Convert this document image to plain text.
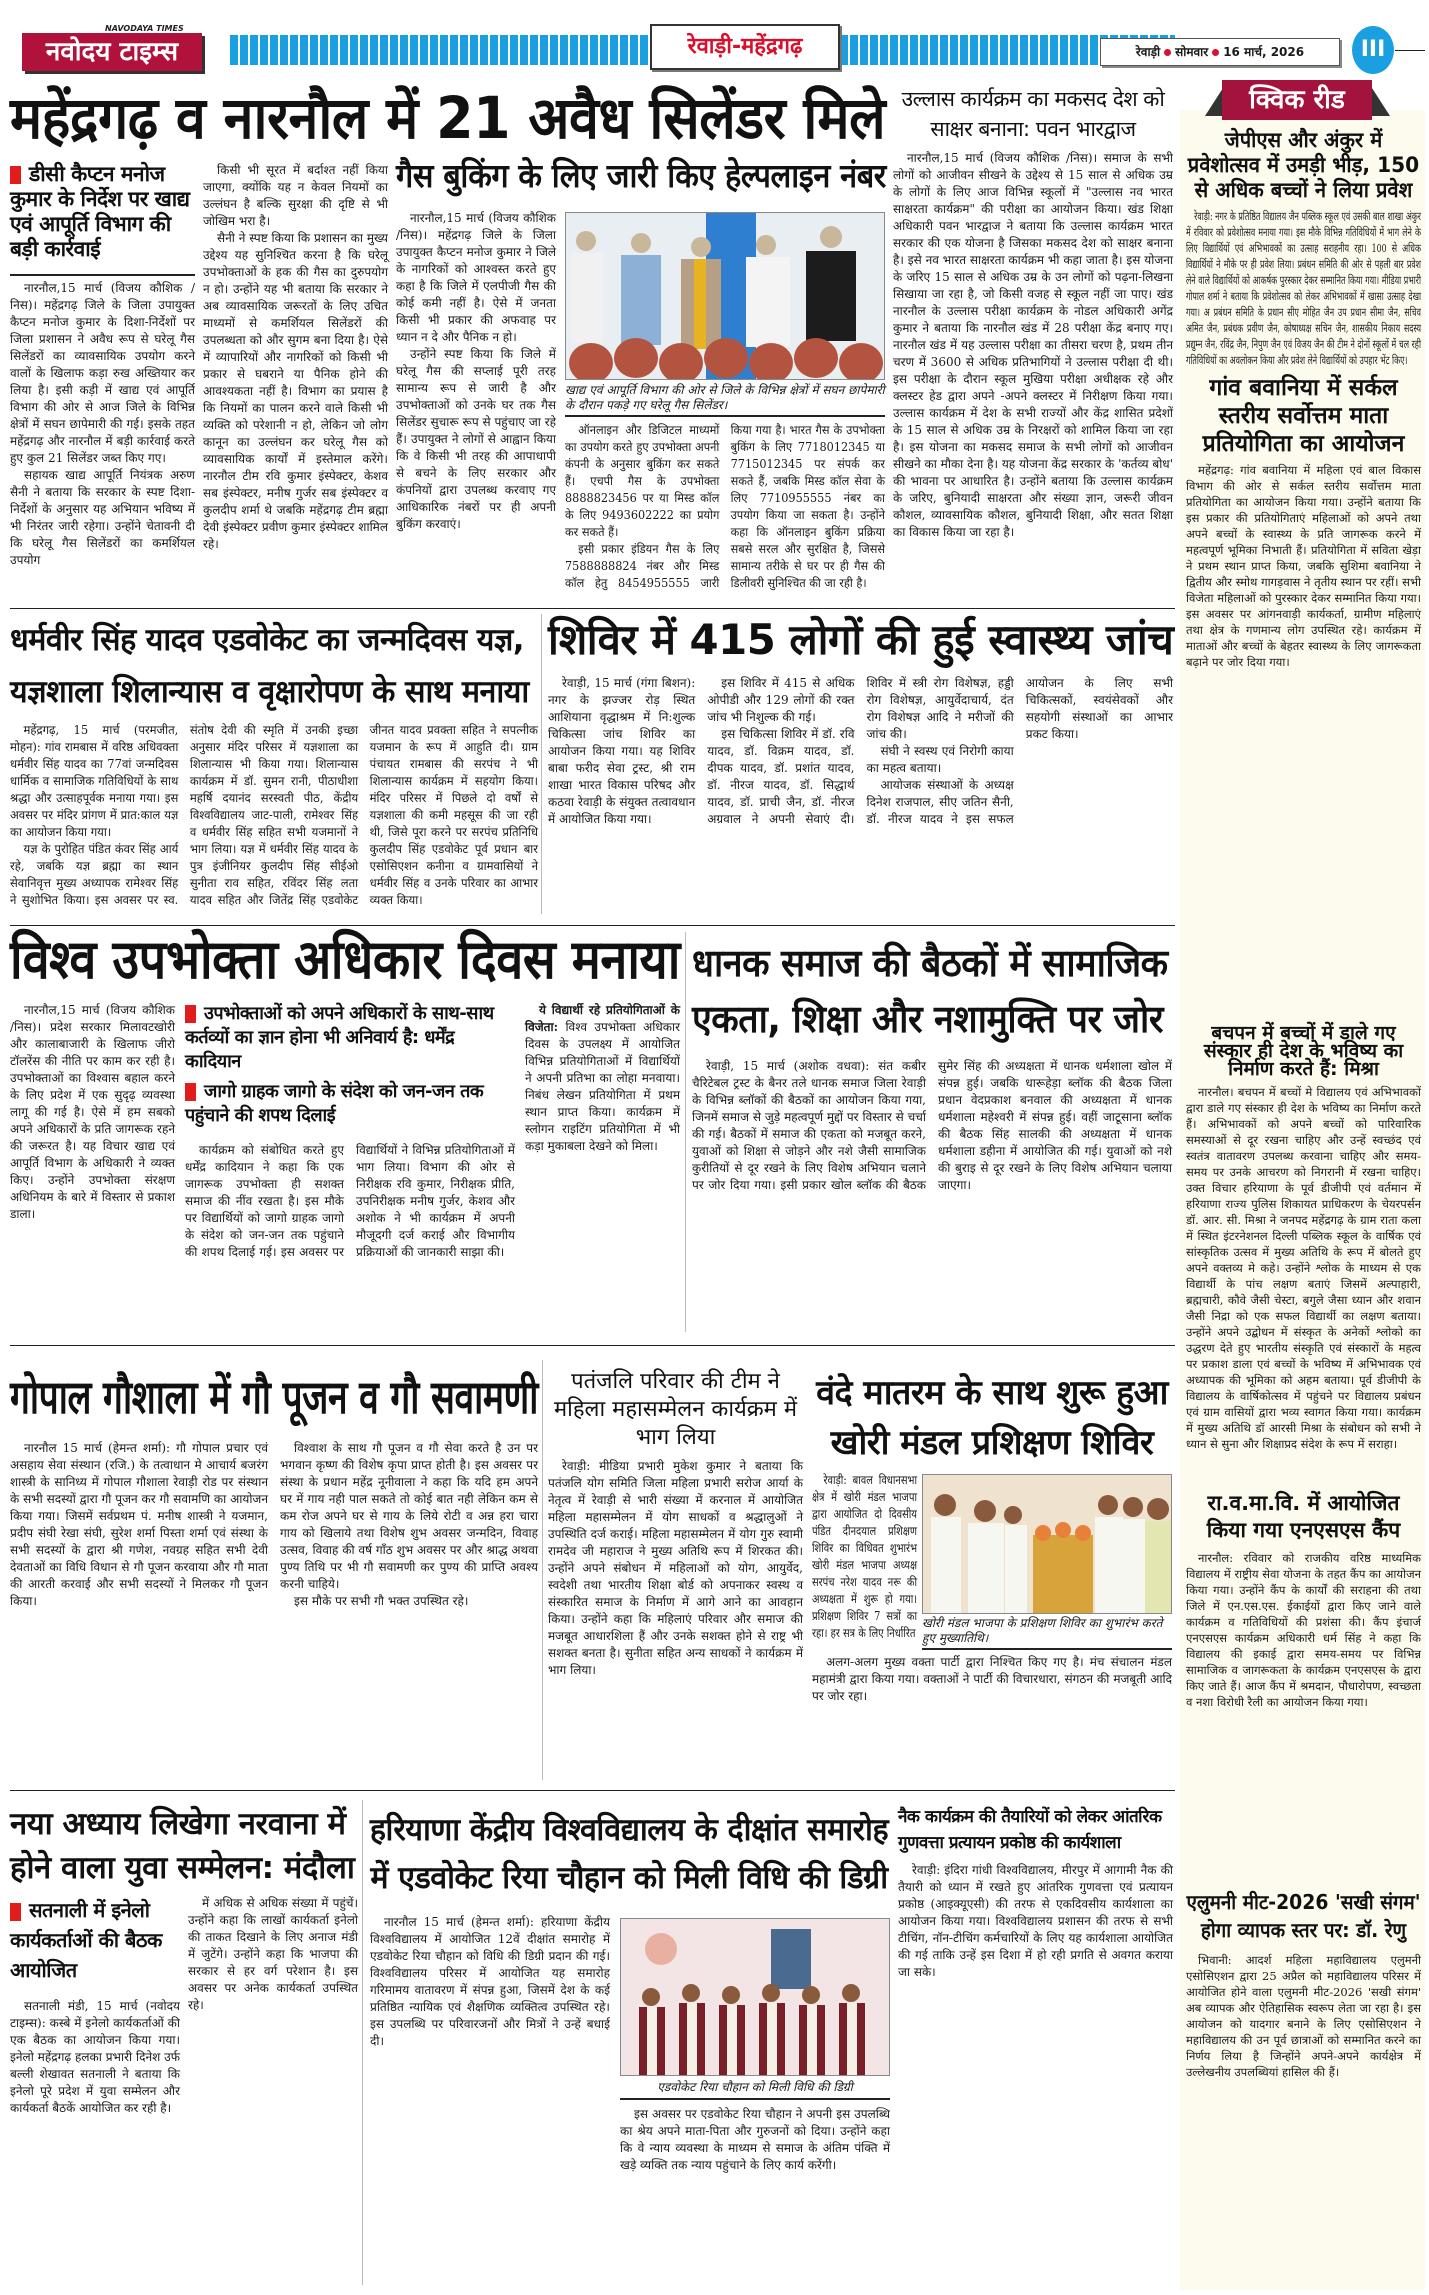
NAVODAYA TIMES
नवोदय टाइम्स	रेवाड़ी-महेंद्रगढ़	रेवाड़ी सोमवार 16 मार्च, 2026	III
महेंद्रगढ़ व नारनौल में 21 अवैध सिलेंडर मिले
डीसी कैप्टन मनोज कुमार के निर्देश पर खाद्य एवं आपूर्ति विभाग की बड़ी कार्रवाई

नारनौल,15 मार्च (विजय कौशिक /निस)। महेंद्रगढ़ जिले के जिला उपायुक्त कैप्टन मनोज कुमार के दिशा-निर्देशों पर जिला प्रशासन ने अवैध रूप से घरेलू गैस सिलेंडरों का व्यावसायिक उपयोग करने वालों के खिलाफ कड़ा रुख अख्तियार कर लिया है। इसी कड़ी में खाद्य एवं आपूर्ति विभाग की ओर से आज जिले के विभिन्न क्षेत्रों में सघन छापेमारी की गई। इसके तहत महेंद्रगढ़ और नारनौल में बड़ी कार्रवाई करते हुए कुल 21 सिलेंडर जब्त किए गए।

सहायक खाद्य आपूर्ति नियंत्रक अरुण सैनी ने बताया कि सरकार के स्पष्ट दिशा-निर्देशों के अनुसार यह अभियान भविष्य में भी निरंतर जारी रहेगा। उन्होंने चेतावनी दी कि घरेलू गैस सिलेंडरों का कमर्शियल उपयोग

किसी भी सूरत में बर्दाश्त नहीं किया जाएगा, क्योंकि यह न केवल नियमों का उल्लंघन है बल्कि सुरक्षा की दृष्टि से भी जोखिम भरा है।

सैनी ने स्पष्ट किया कि प्रशासन का मुख्य उद्देश्य यह सुनिश्चित करना है कि घरेलू उपभोक्ताओं के हक की गैस का दुरुपयोग न हो। उन्होंने यह भी बताया कि सरकार ने अब व्यावसायिक जरूरतों के लिए उचित माध्यमों से कमर्शियल सिलेंडरों की उपलब्धता को और सुगम बना दिया है। ऐसे में व्यापारियों और नागरिकों को किसी भी प्रकार से घबराने या पैनिक होने की आवश्यकता नहीं है। विभाग का प्रयास है कि नियमों का पालन करने वाले किसी भी व्यक्ति को परेशानी न हो, लेकिन जो लोग कानून का उल्लंघन कर घरेलू गैस को व्यावसायिक कार्यों में इस्तेमाल करेंगे। नारनौल टीम रवि कुमार इंस्पेक्टर, केशव सब इंस्पेक्टर, मनीष गुर्जर सब इंस्पेक्टर व कुलदीप शर्मा थे जबकि महेंद्रगढ़ टीम ब्रह्मा देवी इंस्पेक्टर प्रवीण कुमार इंस्पेक्टर शामिल रहे।

गैस बुकिंग के लिए जारी किए हेल्पलाइन नंबर

नारनौल,15 मार्च (विजय कौशिक /निस)। महेंद्रगढ़ जिले के जिला उपायुक्त कैप्टन मनोज कुमार ने जिले के नागरिकों को आश्वस्त करते हुए कहा है कि जिले में एलपीजी गैस की कोई कमी नहीं है। ऐसे में जनता किसी भी प्रकार की अफवाह पर ध्यान न दे और पैनिक न हो।

उन्होंने स्पष्ट किया कि जिले में घरेलू गैस की सप्लाई पूरी तरह सामान्य रूप से जारी है और उपभोक्ताओं को उनके घर तक गैस सिलेंडर सुचारू रूप से पहुंचाए जा रहे हैं। उपायुक्त ने लोगों से आह्वान किया कि वे किसी भी तरह की आपाधापी से बचने के लिए सरकार और कंपनियों द्वारा उपलब्ध करवाए गए आधिकारिक नंबरों पर ही अपनी बुकिंग करवाएं।

खाद्य एवं आपूर्ति विभाग की ओर से जिले के विभिन्न क्षेत्रों में सघन छापेमारी के दौरान पकड़े गए घरेलू गैस सिलेंडर।

ऑनलाइन और डिजिटल माध्यमों का उपयोग करते हुए उपभोक्ता अपनी कंपनी के अनुसार बुकिंग कर सकते हैं। एचपी गैस के उपभोक्ता 8888823456 पर या मिस्ड कॉल के लिए 9493602222 का प्रयोग कर सकते हैं।

इसी प्रकार इंडियन गैस के लिए 7588888824 नंबर और मिस्ड कॉल हेतु 8454955555 जारी किया गया है। भारत गैस के उपभोक्ता बुकिंग के लिए 7718012345 या 7715012345 पर संपर्क कर सकते हैं, जबकि मिस्ड कॉल सेवा के लिए 7710955555 नंबर का उपयोग किया जा सकता है। उन्होंने कहा कि ऑनलाइन बुकिंग प्रक्रिया सबसे सरल और सुरक्षित है, जिससे सामान्य तरीके से घर पर ही गैस की डिलीवरी सुनिश्चित की जा रही है।

उल्लास कार्यक्रम का मकसद देश को साक्षर बनाना: पवन भारद्वाज

नारनौल,15 मार्च (विजय कौशिक /निस)। समाज के सभी लोगों को आजीवन सीखने के उद्देश्य से 15 साल से अधिक उम्र के लोगों के लिए आज विभिन्न स्कूलों में "उल्लास नव भारत साक्षरता कार्यक्रम" की परीक्षा का आयोजन किया। खंड शिक्षा अधिकारी पवन भारद्वाज ने बताया कि उल्लास कार्यक्रम भारत सरकार की एक योजना है जिसका मकसद देश को साक्षर बनाना है। इसे नव भारत साक्षरता कार्यक्रम भी कहा जाता है। इस योजना के जरिए 15 साल से अधिक उम्र के उन लोगों को पढ़ना-लिखना सिखाया जा रहा है, जो किसी वजह से स्कूल नहीं जा पाए। खंड नारनौल के उल्लास परीक्षा कार्यक्रम के नोडल अधिकारी अगेंद्र कुमार ने बताया कि नारनौल खंड में 28 परीक्षा केंद्र बनाए गए। नारनौल खंड में यह उल्लास परीक्षा का तीसरा चरण है, प्रथम तीन चरण में 3600 से अधिक प्रतिभागियों ने उल्लास परीक्षा दी थी। इस परीक्षा के दौरान स्कूल मुखिया परीक्षा अधीक्षक रहे और क्लस्टर हेड द्वारा अपने -अपने क्लस्टर में निरीक्षण किया गया। उल्लास कार्यक्रम में देश के सभी राज्यों और केंद्र शासित प्रदेशों के 15 साल से अधिक उम्र के निरक्षरों को शामिल किया जा रहा है। इस योजना का मकसद समाज के सभी लोगों को आजीवन सीखने का मौका देना है। यह योजना केंद्र सरकार के 'कर्तव्य बोध' की भावना पर आधारित है। उन्होंने बताया कि उल्लास कार्यक्रम के जरिए, बुनियादी साक्षरता और संख्या ज्ञान, जरूरी जीवन कौशल, व्यावसायिक कौशल, बुनियादी शिक्षा, और सतत शिक्षा का विकास किया जा रहा है।

धर्मवीर सिंह यादव एडवोकेट का जन्मदिवस यज्ञ, यज्ञशाला शिलान्यास व वृक्षारोपण के साथ मनाया

महेंद्रगढ़, 15 मार्च (परमजीत, मोहन): गांव रामबास में वरिष्ठ अधिवक्ता धर्मवीर सिंह यादव का 77वां जन्मदिवस धार्मिक व सामाजिक गतिविधियों के साथ श्रद्धा और उत्साहपूर्वक मनाया गया। इस अवसर पर मंदिर प्रांगण में प्रात:काल यज्ञ का आयोजन किया गया।

यज्ञ के पुरोहित पंडित कंवर सिंह आर्य रहे, जबकि यज्ञ ब्रह्मा का स्थान सेवानिवृत्त मुख्य अध्यापक रामेश्वर सिंह ने सुशोभित किया। इस अवसर पर स्व. संतोष देवी की स्मृति में उनकी इच्छा अनुसार मंदिर परिसर में यज्ञशाला का शिलान्यास भी किया गया। शिलान्यास कार्यक्रम में डॉ. सुमन रानी, पीठाधीशा महर्षि दयानंद सरस्वती पीठ, केंद्रीय विश्वविद्यालय जाट-पाली, रामेश्वर सिंह व धर्मवीर सिंह सहित सभी यजमानों ने भाग लिया। यज्ञ में धर्मवीर सिंह यादव के पुत्र इंजीनियर कुलदीप सिंह सीईओ सुनीता राव सहित, रविंदर सिंह लता यादव सहित और जितेंद्र सिंह एडवोकेट जीनत यादव प्रवक्ता सहित ने सपत्नीक यजमान के रूप में आहुति दी। ग्राम पंचायत रामबास की सरपंच ने भी शिलान्यास कार्यक्रम में सहयोग किया। मंदिर परिसर में पिछले दो वर्षों से यज्ञशाला की कमी महसूस की जा रही थी, जिसे पूरा करने पर सरपंच प्रतिनिधि कुलदीप सिंह एडवोकेट पूर्व प्रधान बार एसोसिएशन कनीना व ग्रामवासियों ने धर्मवीर सिंह व उनके परिवार का आभार व्यक्त किया।

शिविर में 415 लोगों की हुई स्वास्थ्य जांच

रेवाड़ी, 15 मार्च (गंगा बिशन): नगर के झज्जर रोड़ स्थित आशियाना वृद्धाश्रम में नि:शुल्क चिकित्सा जांच शिविर का आयोजन किया गया। यह शिविर बाबा फरीद सेवा ट्रस्ट, श्री राम शाखा भारत विकास परिषद और कठवा रेवाड़ी के संयुक्त तत्वावधान में आयोजित किया गया।

इस शिविर में 415 से अधिक ओपीडी और 129 लोगों की रक्त जांच भी निशुल्क की गई।

इस चिकित्सा शिविर में डॉ. रवि यादव, डॉ. विक्रम यादव, डॉ. दीपक यादव, डॉ. प्रशांत यादव, डॉ. नीरज यादव, डॉ. सिद्धार्थ यादव, डॉ. प्राची जैन, डॉ. नीरज अग्रवाल ने अपनी सेवाएं दी। शिविर में स्त्री रोग विशेषज्ञ, हड्डी रोग विशेषज्ञ, आयुर्वेदाचार्य, दंत रोग विशेषज्ञ आदि ने मरीजों की जांच की।

संघी ने स्वस्थ एवं निरोगी काया का महत्व बताया।

आयोजक संस्थाओं के अध्यक्ष दिनेश राजपाल, सीए जतिन सैनी, डॉ. नीरज यादव ने इस सफल आयोजन के लिए सभी चिकित्सकों, स्वयंसेवकों और सहयोगी संस्थाओं का आभार प्रकट किया।

विश्व उपभोक्ता अधिकार दिवस मनाया

नारनौल,15 मार्च (विजय कौशिक /निस)। प्रदेश सरकार मिलावटखोरी और कालाबाजारी के खिलाफ जीरो टॉलरेंस की नीति पर काम कर रही है। उपभोक्ताओं का विश्वास बहाल करने के लिए प्रदेश में एक सुदृढ़ व्यवस्था लागू की गई है। ऐसे में हम सबको अपने अधिकारों के प्रति जागरूक रहने की जरूरत है। यह विचार खाद्य एवं आपूर्ति विभाग के अधिकारी ने व्यक्त किए। उन्होंने उपभोक्ता संरक्षण अधिनियम के बारे में विस्तार से प्रकाश डाला।

उपभोक्ताओं को अपने अधिकारों के साथ-साथ कर्तव्यों का ज्ञान होना भी अनिवार्य है: धर्मेंद्र कादियान
जागो ग्राहक जागो के संदेश को जन-जन तक पहुंचाने की शपथ दिलाई

कार्यक्रम को संबोधित करते हुए धर्मेंद्र कादियान ने कहा कि एक जागरूक उपभोक्ता ही सशक्त समाज की नींव रखता है। इस मौके पर विद्यार्थियों को जागो ग्राहक जागो के संदेश को जन-जन तक पहुंचाने की शपथ दिलाई गई। इस अवसर पर विद्यार्थियों ने विभिन्न प्रतियोगिताओं में भाग लिया। विभाग की ओर से निरीक्षक रवि कुमार, निरीक्षक प्रीति, उपनिरीक्षक मनीष गुर्जर, केशव और अशोक ने भी कार्यक्रम में अपनी मौजूदगी दर्ज कराई और विभागीय प्रक्रियाओं की जानकारी साझा की।

ये विद्यार्थी रहे प्रतियोगिताओं के विजेता: विश्व उपभोक्ता अधिकार दिवस के उपलक्ष्य में आयोजित विभिन्न प्रतियोगिताओं में विद्यार्थियों ने अपनी प्रतिभा का लोहा मनवाया। निबंध लेखन प्रतियोगिता में प्रथम स्थान प्राप्त किया। कार्यक्रम में स्लोगन राइटिंग प्रतियोगिता में भी कड़ा मुकाबला देखने को मिला।

धानक समाज की बैठकों में सामाजिक एकता, शिक्षा और नशामुक्ति पर जोर

रेवाड़ी, 15 मार्च (अशोक वधवा): संत कबीर चैरिटेबल ट्रस्ट के बैनर तले धानक समाज जिला रेवाड़ी के विभिन्न ब्लॉकों की बैठकों का आयोजन किया गया, जिनमें समाज से जुड़े महत्वपूर्ण मुद्दों पर विस्तार से चर्चा की गई। बैठकों में समाज की एकता को मजबूत करने, युवाओं को शिक्षा से जोड़ने और नशे जैसी सामाजिक कुरीतियों से दूर रखने के लिए विशेष अभियान चलाने पर जोर दिया गया। इसी प्रकार खोल ब्लॉक की बैठक सुमेर सिंह की अध्यक्षता में धानक धर्मशाला खोल में संपन्न हुई। जबकि धारूहेड़ा ब्लॉक की बैठक जिला प्रधान वेदप्रकाश बनवाल की अध्यक्षता में धानक धर्मशाला महेश्वरी में संपन्न हुई। वहीं जाटूसाना ब्लॉक की बैठक सिंह सालकी की अध्यक्षता में धानक धर्मशाला डहीना में आयोजित की गई। युवाओं को नशे की बुराइ से दूर रखने के लिए विशेष अभियान चलाया जाएगा।

गोपाल गौशाला में गौ पूजन व गौ सवामणी

नारनौल 15 मार्च (हेमन्त शर्मा): गौ गोपाल प्रचार एवं असहाय सेवा संस्थान (रजि.) के तत्वाधान मे आचार्य बजरंग शास्त्री के सानिध्य में गोपाल गौशाला रेवाड़ी रोड पर संस्थान के सभी सदस्यों द्वारा गौ पूजन कर गौ सवामणि का आयोजन किया गया। जिसमें सर्वप्रथम पं. मनीष शास्त्री ने यजमान, प्रदीप संघी रेखा संघी, सुरेश शर्मा पिस्ता शर्मा एवं संस्था के सभी सदस्यों के द्वारा श्री गणेश, नवग्रह सहित सभी देवी देवताओं का विधि विधान से गौ पूजन करवाया और गौ माता की आरती करवाई और सभी सदस्यों ने मिलकर गौ पूजन किया।

विश्वाश के साथ गौ पूजन व गौ सेवा करते है उन पर भगवान कृष्ण की विशेष कृपा प्राप्त होती है। इस अवसर पर संस्था के प्रधान महेंद्र नूनीवाला ने कहा कि यदि हम अपने घर में गाय नही पाल सकते तो कोई बात नही लेकिन कम से कम रोज अपने घर से गाय के लिये रोटी व अन्न हरा चारा गाय को खिलाये तथा विशेष शुभ अवसर जन्मदिन, विवाह उत्सव, विवाह की वर्ष गाँठ शुभ अवसर पर और श्राद्ध अथवा पुण्य तिथि पर भी गौ सवामणी कर पुण्य की प्राप्ति अवश्य करनी चाहिये।

इस मौके पर सभी गौ भक्त उपस्थित रहे।

पतंजलि परिवार की टीम ने महिला महासम्मेलन कार्यक्रम में भाग लिया

रेवाड़ी: मीडिया प्रभारी मुकेश कुमार ने बताया कि पतंजलि योग समिति जिला महिला प्रभारी सरोज आर्या के नेतृत्व में रेवाड़ी से भारी संख्या में करनाल में आयोजित महिला महासम्मेलन में योग साधकों व श्रद्धालुओं ने उपस्थिति दर्ज कराई। महिला महासम्मेलन में योग गुरु स्वामी रामदेव जी महाराज ने मुख्य अतिथि रूप में शिरकत की। उन्होंने अपने संबोधन में महिलाओं को योग, आयुर्वेद, स्वदेशी तथा भारतीय शिक्षा बोर्ड को अपनाकर स्वस्थ व संस्कारित समाज के निर्माण में आगे आने का आवहान किया। उन्होंने कहा कि महिलाएं परिवार और समाज की मजबूत आधारशिला हैं और उनके सशक्त होने से राष्ट्र भी सशक्त बनता है। सुनीता सहित अन्य साधकों ने कार्यक्रम में भाग लिया।

वंदे मातरम के साथ शुरू हुआ खोरी मंडल प्रशिक्षण शिविर

रेवाड़ी: बावल विधानसभा क्षेत्र में खोरी मंडल भाजपा द्वारा आयोजित दो दिवसीय पंडित दीनदयाल प्रशिक्षण शिविर का विधिवत शुभारंभ खोरी मंडल भाजपा अध्यक्ष सरपंच नरेश यादव नरू की अध्यक्षता में शुरू हो गया। प्रशिक्षण शिविर 7 सत्रों का रहा। हर सत्र के लिए निर्धारित

खोरी मंडल भाजपा के प्रशिक्षण शिविर का शुभारंभ करते हुए मुख्यातिथि।

अलग-अलग मुख्य वक्ता पार्टी द्वारा निश्चित किए गए है। मंच संचालन मंडल महामंत्री द्वारा किया गया। वक्ताओं ने पार्टी की विचारधारा, संगठन की मजबूती आदि पर जोर रहा।

नया अध्याय लिखेगा नरवाना में होने वाला युवा सम्मेलन: मंदौला
सतनाली में इनेलो कार्यकर्ताओं की बैठक आयोजित

सतनाली मंडी, 15 मार्च (नवोदय टाइम्स): कस्बे में इनेलो कार्यकर्ताओं की एक बैठक का आयोजन किया गया। इनेलो महेंद्रगढ़ हलका प्रभारी दिनेश उर्फ बल्ली शेखावत सतनाली ने बताया कि इनेलो पूरे प्रदेश में युवा सम्मेलन और कार्यकर्ता बैठकें आयोजित कर रही है।

में अधिक से अधिक संख्या में पहुंचें। उन्होंने कहा कि लाखों कार्यकर्ता इनेलो की ताकत दिखाने के लिए अनाज मंडी में जुटेंगे। उन्होंने कहा कि भाजपा की सरकार से हर वर्ग परेशान है। इस अवसर पर अनेक कार्यकर्ता उपस्थित रहे।

हरियाणा केंद्रीय विश्वविद्यालय के दीक्षांत समारोह में एडवोकेट रिया चौहान को मिली विधि की डिग्री

नारनौल 15 मार्च (हेमन्त शर्मा): हरियाणा केंद्रीय विश्वविद्यालय में आयोजित 12वें दीक्षांत समारोह में एडवोकेट रिया चौहान को विधि की डिग्री प्रदान की गई। विश्वविद्यालय परिसर में आयोजित यह समारोह गरिमामय वातावरण में संपन्न हुआ, जिसमें देश के कई प्रतिष्ठित न्यायिक एवं शैक्षणिक व्यक्तित्व उपस्थित रहे। इस उपलब्धि पर परिवारजनों और मित्रों ने उन्हें बधाई दी।

एडवोकेट रिया चौहान को मिली विधि की डिग्री

इस अवसर पर एडवोकेट रिया चौहान ने अपनी इस उपलब्धि का श्रेय अपने माता-पिता और गुरुजनों को दिया। उन्होंने कहा कि वे न्याय व्यवस्था के माध्यम से समाज के अंतिम पंक्ति में खड़े व्यक्ति तक न्याय पहुंचाने के लिए कार्य करेंगी।

नैक कार्यक्रम की तैयारियों को लेकर आंतरिक गुणवत्ता प्रत्यायन प्रकोष्ठ की कार्यशाला

रेवाड़ी: इंदिरा गांधी विश्वविद्यालय, मीरपुर में आगामी नैक की तैयारी को ध्यान में रखते हुए आंतरिक गुणवत्ता एवं प्रत्यायन प्रकोष्ठ (आइक्यूएसी) की तरफ से एकदिवसीय कार्यशाला का आयोजन किया गया। विश्वविद्यालय प्रशासन की तरफ से सभी टीचिंग, नॉन-टीचिंग कर्मचारियों के लिए यह कार्यशाला आयोजित की गई ताकि उन्हें इस दिशा में हो रही प्रगति से अवगत कराया जा सके।

क्विक रीड
जेपीएस और अंकुर में प्रवेशोत्सव में उमड़ी भीड़, 150 से अधिक बच्चों ने लिया प्रवेश

रेवाड़ी: नगर के प्रतिष्ठित विद्यालय जैन पब्लिक स्कूल एवं उसकी बाल शाखा अंकुर में रविवार को प्रवेशोत्सव मनाया गया। इस मौके विभिन्न गतिविधियों में भाग लेने के लिए विद्यार्थियों एवं अभिभावकों का उत्साह सराहनीय रहा। 100 से अधिक विद्यार्थियों ने मौके पर ही प्रवेश लिया। प्रबंधन समिति की ओर से पहली बार प्रवेश लेने वाले विद्यार्थियों को आकर्षक पुरस्कार देकर सम्मानित किया गया। मीडिया प्रभारी गोपाल शर्मा ने बताया कि प्रवेशोत्सव को लेकर अभिभावकों में खासा उत्साह देखा गया। अ प्रबंधन समिति के प्रधान सीए मोहित जैन उप प्रधान सीमा जैन, सचिव अमित जैन, प्रबंधक प्रवीण जैन, कोषाध्यक्ष सचिन जैन, शासकीय निकाय सदस्य प्रद्युम्न जैन, रविंद्र जैन, निपुण जैन एवं विजय जैन की टीम ने दोनों स्कूलों में चल रही गतिविधियों का अवलोकन किया और प्रवेश लेने विद्यार्थियों को उपहार भेंट किए।

गांव बवानिया में सर्कल स्तरीय सर्वोत्तम माता प्रतियोगिता का आयोजन

महेंद्रगढ़: गांव बवानिया में महिला एवं बाल विकास विभाग की ओर से सर्कल स्तरीय सर्वोत्तम माता प्रतियोगिता का आयोजन किया गया। उन्होंने बताया कि इस प्रकार की प्रतियोगिताएं महिलाओं को अपने तथा अपने बच्चों के स्वास्थ्य के प्रति जागरूक करने में महत्वपूर्ण भूमिका निभाती हैं। प्रतियोगिता में सविता खेड़ा ने प्रथम स्थान प्राप्त किया, जबकि सुशिमा बवानिया ने द्वितीय और स्मोथ गागड़वास ने तृतीय स्थान पर रहीं। सभी विजेता महिलाओं को पुरस्कार देकर सम्मानित किया गया। इस अवसर पर आंगनवाड़ी कार्यकर्ता, ग्रामीण महिलाएं तथा क्षेत्र के गणमान्य लोग उपस्थित रहे। कार्यक्रम में माताओं और बच्चों के बेहतर स्वास्थ्य के लिए जागरूकता बढ़ाने पर जोर दिया गया।

बचपन में बच्चों में डाले गए संस्कार ही देश के भविष्य का निर्माण करते हैं: मिश्रा

नारनौल। बचपन में बच्चों मे विद्यालय एवं अभिभावकों द्वारा डाले गए संस्कार ही देश के भविष्य का निर्माण करते हैं। अभिभावकों को अपने बच्चों को पारिवारिक समस्याओं से दूर रखना चाहिए और उन्हें स्वच्छंद एवं स्वतंत्र वातावरण उपलब्ध करवाना चाहिए और समय-समय पर उनके आचरण को निगरानी में रखना चाहिए। उक्त विचार हरियाणा के पूर्व डीजीपी एवं वर्तमान में हरियाणा राज्य पुलिस शिकायत प्राधिकरण के चेयरपर्सन डॉ. आर. सी. मिश्रा ने जनपद महेंद्रगढ़ के ग्राम राता कला में स्थित इंटरनेशनल दिल्ली पब्लिक स्कूल के वार्षिक एवं सांस्कृतिक उत्सव में मुख्य अतिथि के रूप में बोलते हुए अपने वक्तव्य मे कहे। उन्होंने श्लोक के माध्यम से एक विद्यार्थी के पांच लक्षण बताएं जिसमें अल्पाहारी, ब्रह्मचारी, कौवे जैसी चेस्टा, बगुले जैसा ध्यान और शवान जैसी निद्रा को एक सफल विद्यार्थी का लक्षण बताया। उन्होंने अपने उद्बोधन में संस्कृत के अनेकों श्लोको का उद्धरण देते हुए भारतीय संस्कृति एवं संस्कारों के महत्व पर प्रकाश डाला एवं बच्चों के भविष्य में अभिभावक एवं अध्यापक की भूमिका को अहम बताया। पूर्व डीजीपी के विद्यालय के वार्षिकोत्सव में पहुंचने पर विद्यालय प्रबंधन एवं ग्राम वासियों द्वारा भव्य स्वागत किया गया। कार्यक्रम में मुख्य अतिथि डॉ आरसी मिश्रा के संबोधन को सभी ने ध्यान से सुना और शिक्षाप्रद संदेश के रूप में सराहा।

रा.व.मा.वि. में आयोजित किया गया एनएसएस कैंप

नारनौल: रविवार को राजकीय वरिष्ठ माध्यमिक विद्यालय में राष्ट्रीय सेवा योजना के तहत कैंप का आयोजन किया गया। उन्होंने कैंप के कार्यों की सराहना की तथा जिले में एन.एस.एस. ईकाईयों द्वारा किए जाने वाले कार्यक्रम व गतिविधियों की प्रशंसा की। कैंप इंचार्ज एनएसएस कार्यक्रम अधिकारी धर्म सिंह ने कहा कि विद्यालय की इकाई द्वारा समय-समय पर विभिन्न सामाजिक व जागरूकता के कार्यक्रम एनएसएस के द्वारा किए जाते हैं। आज कैंप में श्रमदान, पौधारोपण, स्वच्छता व नशा विरोधी रैली का आयोजन किया गया।

एलुमनी मीट-2026 'सखी संगम' होगा व्यापक स्तर पर: डॉ. रेणु

भिवानी: आदर्श महिला महाविद्यालय एलुमनी एसोसिएशन द्वारा 25 अप्रैल को महाविद्यालय परिसर में आयोजित होने वाला एलुमनी मीट-2026 'सखी संगम' अब व्यापक और ऐतिहासिक स्वरूप लेता जा रहा है। इस आयोजन को यादगार बनाने के लिए एसोसिएशन ने महाविद्यालय की उन पूर्व छात्राओं को सम्मानित करने का निर्णय लिया है जिन्होंने अपने-अपने कार्यक्षेत्र में उल्लेखनीय उपलब्धियां हासिल की हैं।
